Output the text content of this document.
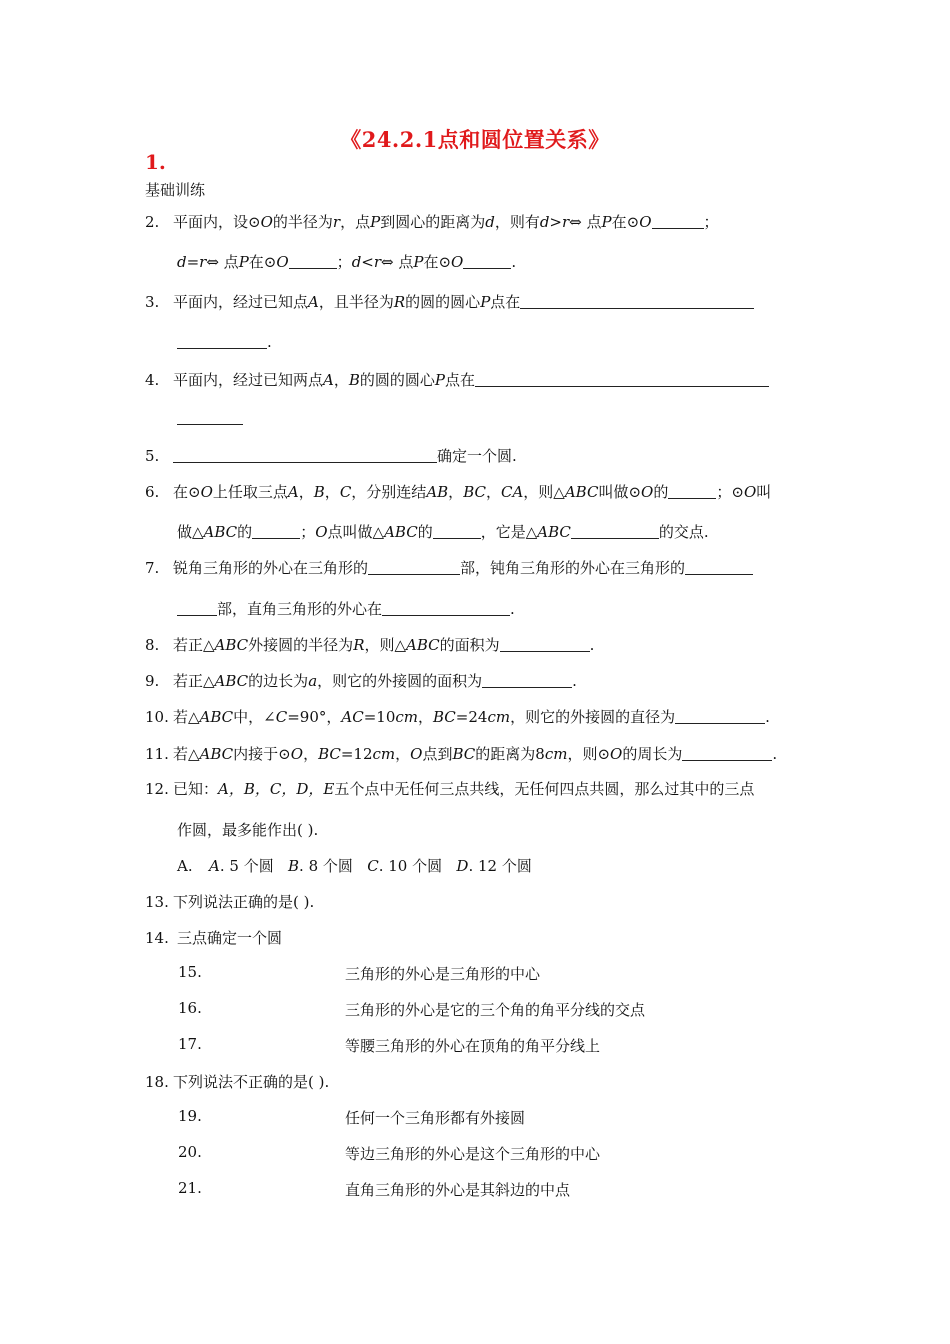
《24.2.1点和圆位置关系》
1.
基础训练
2. 平面内，设⊙O的半径为r，点P到圆心的距离为d，则有d>r⇔ 点P在⊙O	；
d=r⇔ 点P在⊙O	；d<r⇔ 点P在⊙O	.
3. 平面内，经过已知点A，且半径为R的圆的圆心P点在
.
4. 平面内，经过已知两点A，B的圆的圆心P点在
5.	确定一个圆.
6. 在⊙O上任取三点A，B，C，分别连结AB，BC，CA，则△ABC叫做⊙O的	；⊙O叫
做△ABC的	；O点叫做△ABC的	，它是△ABC	的交点.
7. 锐角三角形的外心在三角形的	部，钝角三角形的外心在三角形的
部，直角三角形的外心在	.
8. 若正△ABC外接圆的半径为R，则△ABC的面积为	.
9. 若正△ABC的边长为a，则它的外接圆的面积为	.
10. 若△ABC中，∠C=90°，AC=10cm，BC=24cm，则它的外接圆的直径为	.
11. 若△ABC内接于⊙O，BC=12cm，O点到BC的距离为8cm，则⊙O的周长为	.
12. 已知：A，B，C，D，E五个点中无任何三点共线，无任何四点共圆，那么过其中的三点
作圆，最多能作出( ).
A. A. 5 个圆 B. 8 个圆 C. 10 个圆 D. 12 个圆
13. 下列说法正确的是( ).
14. 三点确定一个圆
15.	三角形的外心是三角形的中心
16.	三角形的外心是它的三个角的角平分线的交点
17.	等腰三角形的外心在顶角的角平分线上
18. 下列说法不正确的是( ).
19.	任何一个三角形都有外接圆
20.	等边三角形的外心是这个三角形的中心
21.	直角三角形的外心是其斜边的中点
